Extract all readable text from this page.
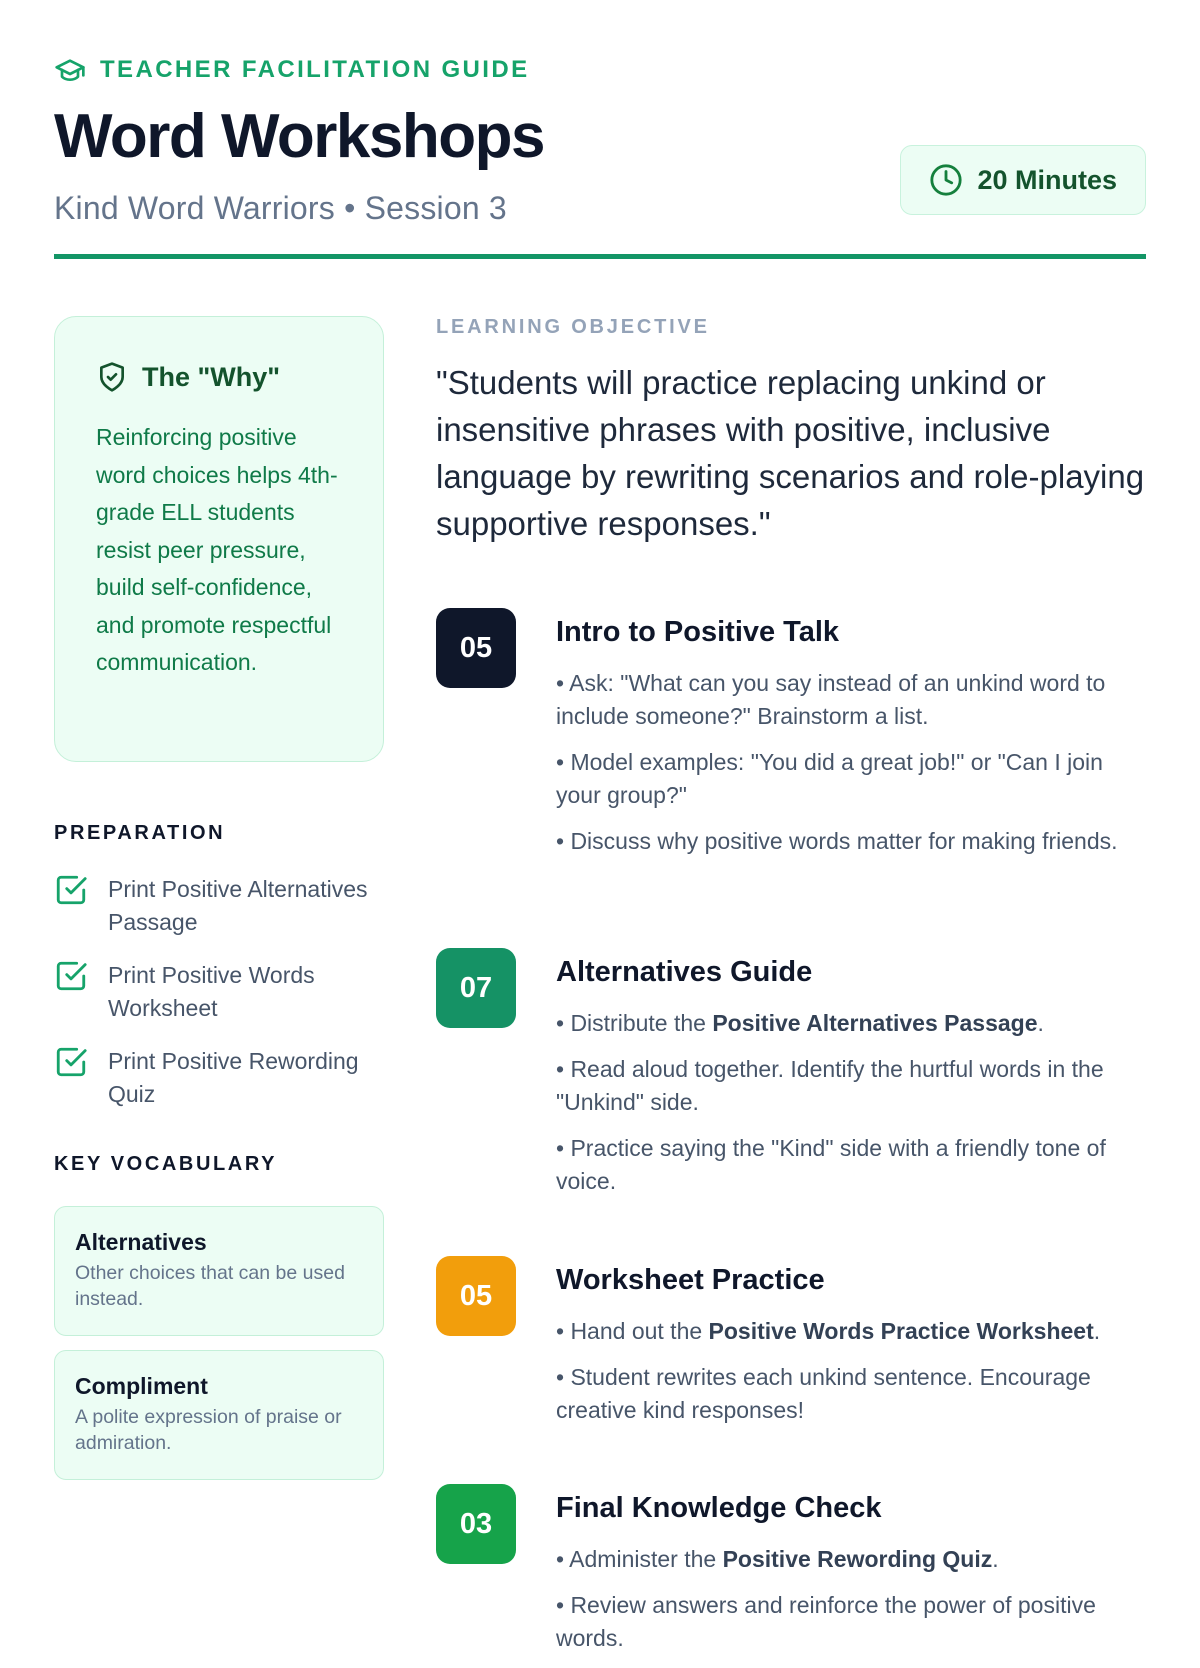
TEACHER FACILITATION GUIDE
Word Workshops
Kind Word Warriors • Session 3
20 Minutes
The "Why"

Reinforcing positive word choices helps 4th-grade ELL students resist peer pressure, build self-confidence, and promote respectful communication.

PREPARATION
Print Positive Alternatives Passage
Print Positive Words Worksheet
Print Positive Rewording Quiz
KEY VOCABULARY
Alternatives
Other choices that can be used instead.
Compliment
A polite expression of praise or admiration.
LEARNING OBJECTIVE

"Students will practice replacing unkind or insensitive phrases with positive, inclusive language by rewriting scenarios and role-playing supportive responses."

05	Intro to Positive Talk
• Ask: "What can you say instead of an unkind word to include someone?" Brainstorm a list.
• Model examples: "You did a great job!" or "Can I join your group?"
• Discuss why positive words matter for making friends.
07	Alternatives Guide
• Distribute the Positive Alternatives Passage.
• Read aloud together. Identify the hurtful words in the "Unkind" side.
• Practice saying the "Kind" side with a friendly tone of voice.
05	Worksheet Practice
• Hand out the Positive Words Practice Worksheet.
• Student rewrites each unkind sentence. Encourage creative kind responses!
03	Final Knowledge Check
• Administer the Positive Rewording Quiz.
• Review answers and reinforce the power of positive words.
